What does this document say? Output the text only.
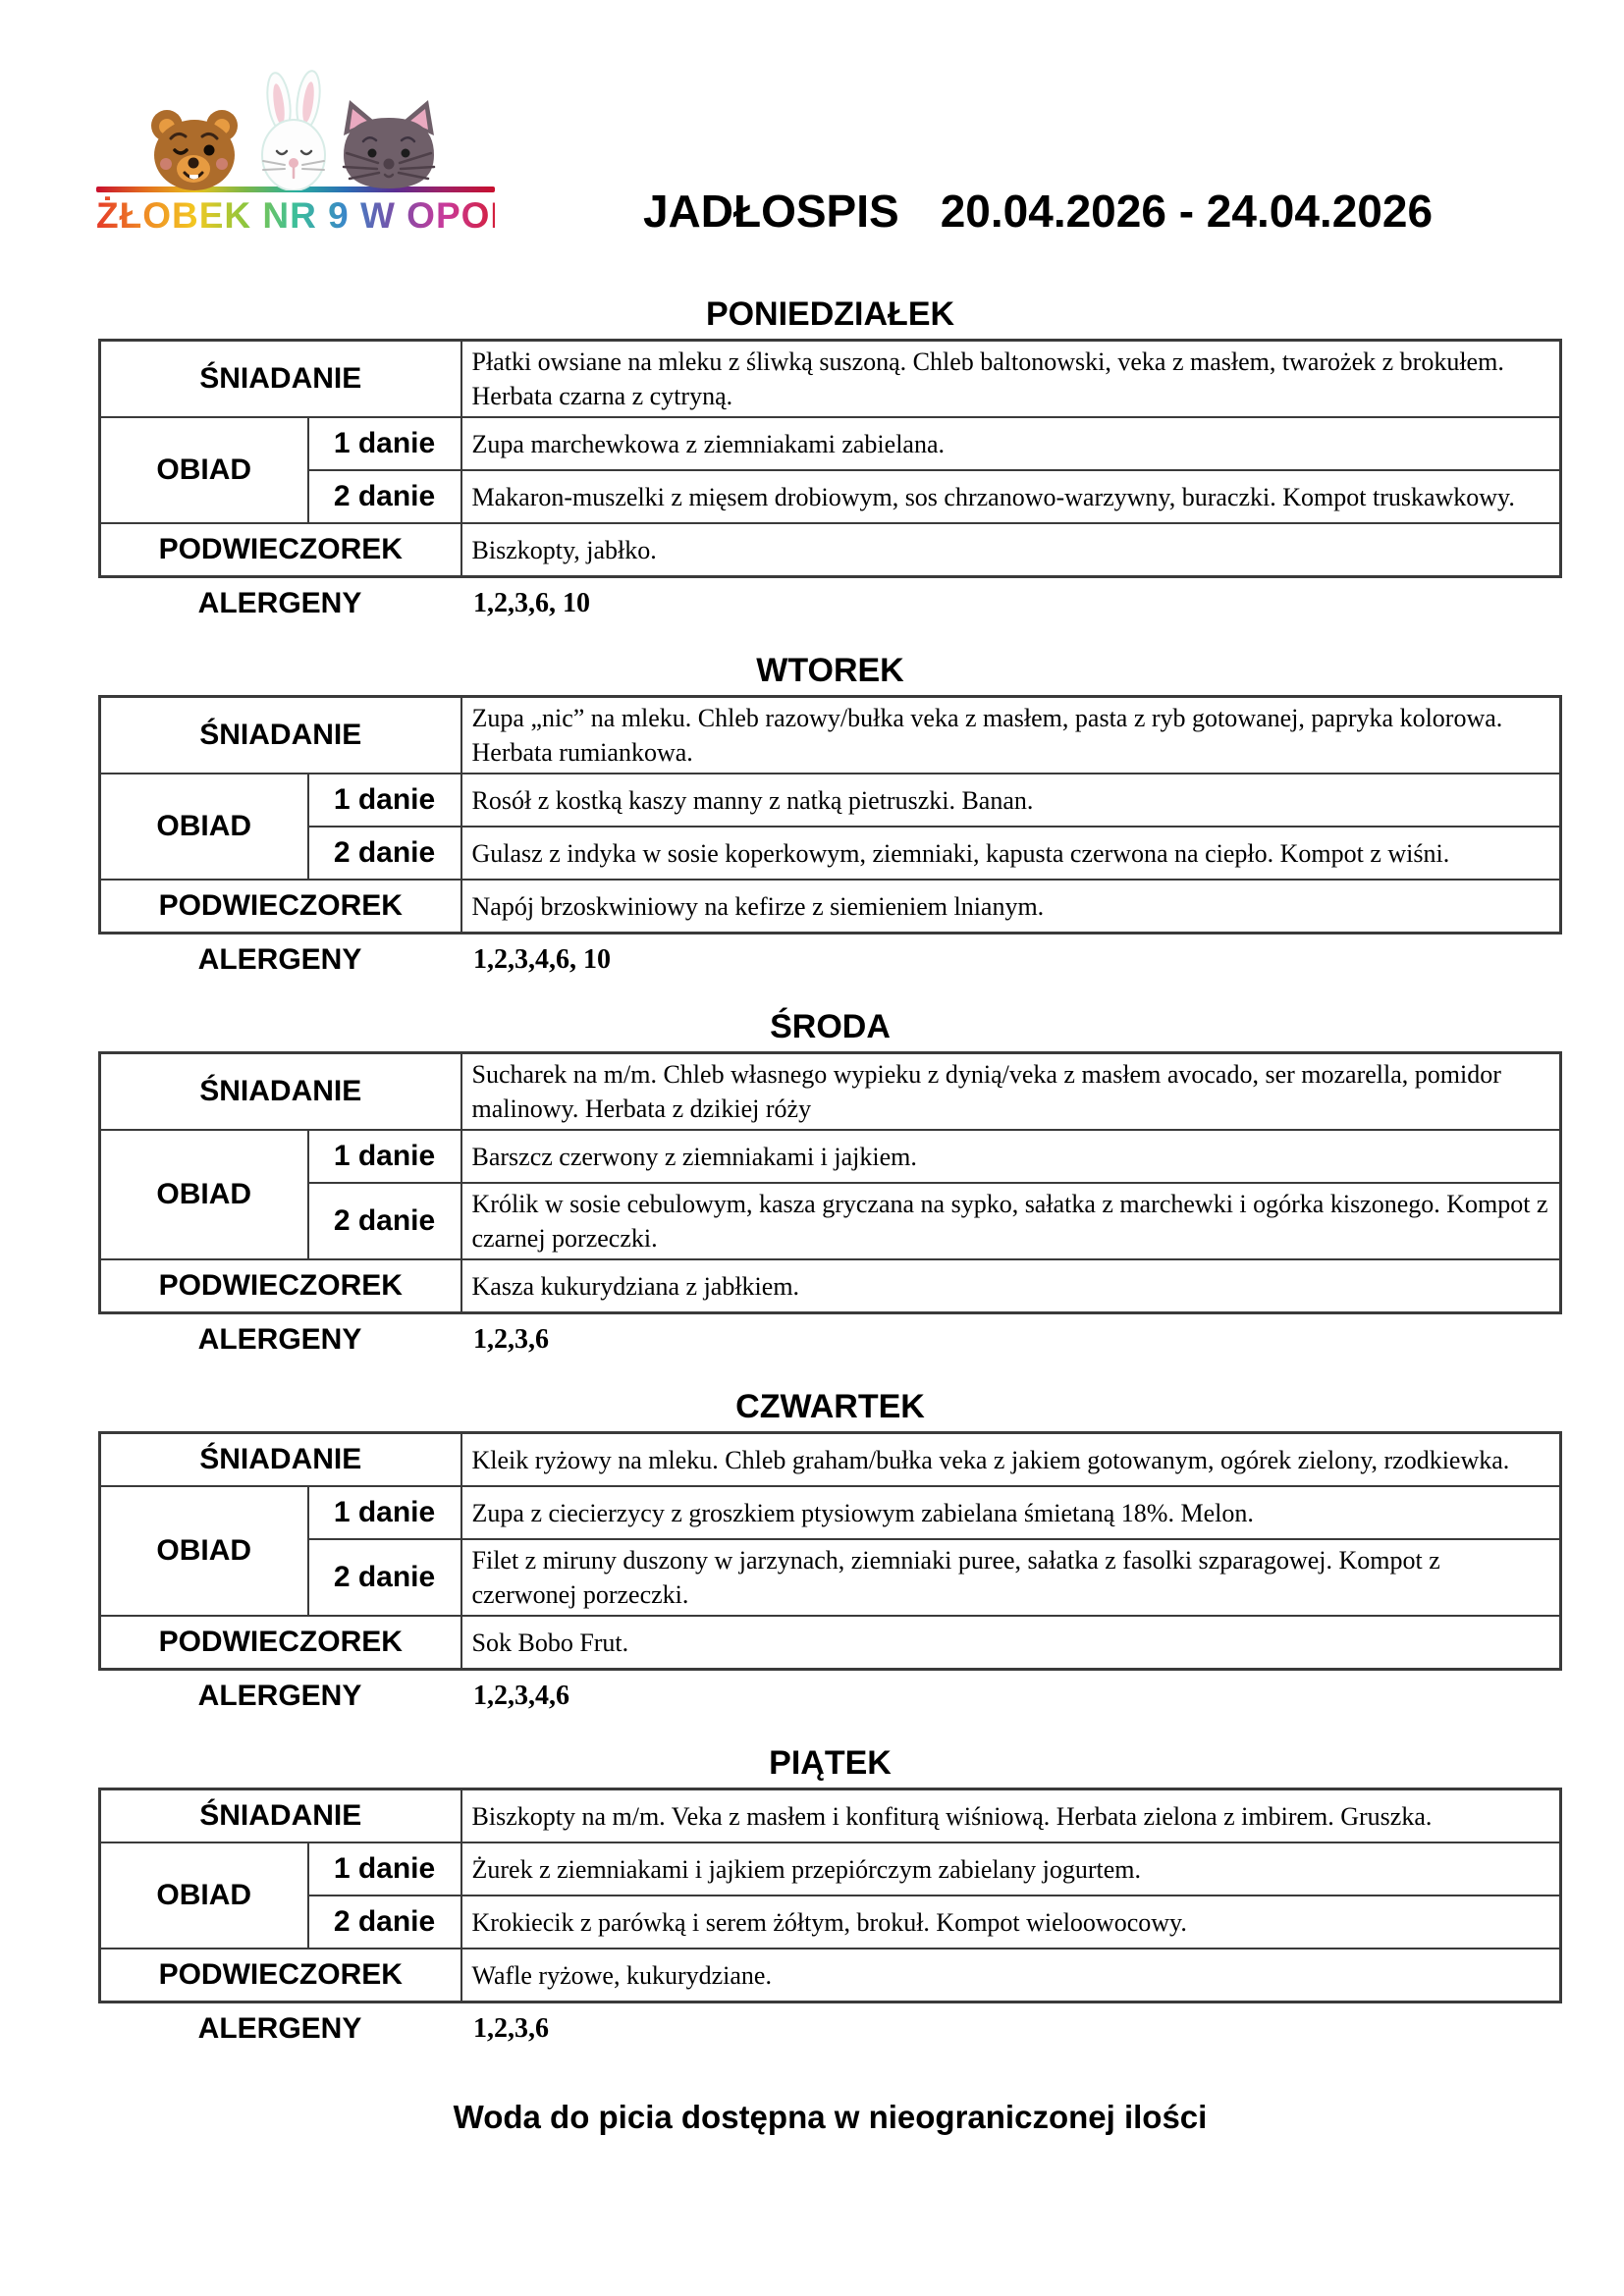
ŻŁOBEK NR 9 W OPOLU	JADŁOSPIS 20.04.2026 - 24.04.2026
PONIEDZIAŁEK
ŚNIADANIE		Płatki owsiane na mleku z śliwką suszoną. Chleb baltonowski, veka z masłem, twarożek z brokułem. Herbata czarna z cytryną.
OBIAD	1 danie	Zupa marchewkowa z ziemniakami zabielana.
	2 danie	Makaron-muszelki z mięsem drobiowym, sos chrzanowo-warzywny, buraczki. Kompot truskawkowy.
PODWIECZOREK		Biszkopty, jabłko.
ALERGENY	1,2,3,6, 10
WTOREK
ŚNIADANIE		Zupa „nic” na mleku. Chleb razowy/bułka veka z masłem, pasta z ryb gotowanej, papryka kolorowa. Herbata rumiankowa.
OBIAD	1 danie	Rosół z kostką kaszy manny z natką pietruszki. Banan.
	2 danie	Gulasz z indyka w sosie koperkowym, ziemniaki, kapusta czerwona na ciepło. Kompot z wiśni.
PODWIECZOREK		Napój brzoskwiniowy na kefirze z siemieniem lnianym.
ALERGENY	1,2,3,4,6, 10
ŚRODA
ŚNIADANIE		Sucharek na m/m. Chleb własnego wypieku z dynią/veka z masłem avocado, ser mozarella, pomidor malinowy. Herbata z dzikiej róży
OBIAD	1 danie	Barszcz czerwony z ziemniakami i jajkiem.
	2 danie	Królik w sosie cebulowym, kasza gryczana na sypko, sałatka z marchewki i ogórka kiszonego. Kompot z czarnej porzeczki.
PODWIECZOREK		Kasza kukurydziana z jabłkiem.
ALERGENY	1,2,3,6
CZWARTEK
ŚNIADANIE		Kleik ryżowy na mleku. Chleb graham/bułka veka z jakiem gotowanym, ogórek zielony, rzodkiewka.
OBIAD	1 danie	Zupa z ciecierzycy z groszkiem ptysiowym zabielana śmietaną 18%. Melon.
	2 danie	Filet z miruny duszony w jarzynach, ziemniaki puree, sałatka z fasolki szparagowej. Kompot z czerwonej porzeczki.
PODWIECZOREK		Sok Bobo Frut.
ALERGENY	1,2,3,4,6
PIĄTEK
ŚNIADANIE		Biszkopty na m/m. Veka z masłem i konfiturą wiśniową. Herbata zielona z imbirem. Gruszka.
OBIAD	1 danie	Żurek z ziemniakami i jajkiem przepiórczym zabielany jogurtem.
	2 danie	Krokiecik z parówką i serem żółtym, brokuł. Kompot wieloowocowy.
PODWIECZOREK		Wafle ryżowe, kukurydziane.
ALERGENY	1,2,3,6
Woda do picia dostępna w nieograniczonej ilości
